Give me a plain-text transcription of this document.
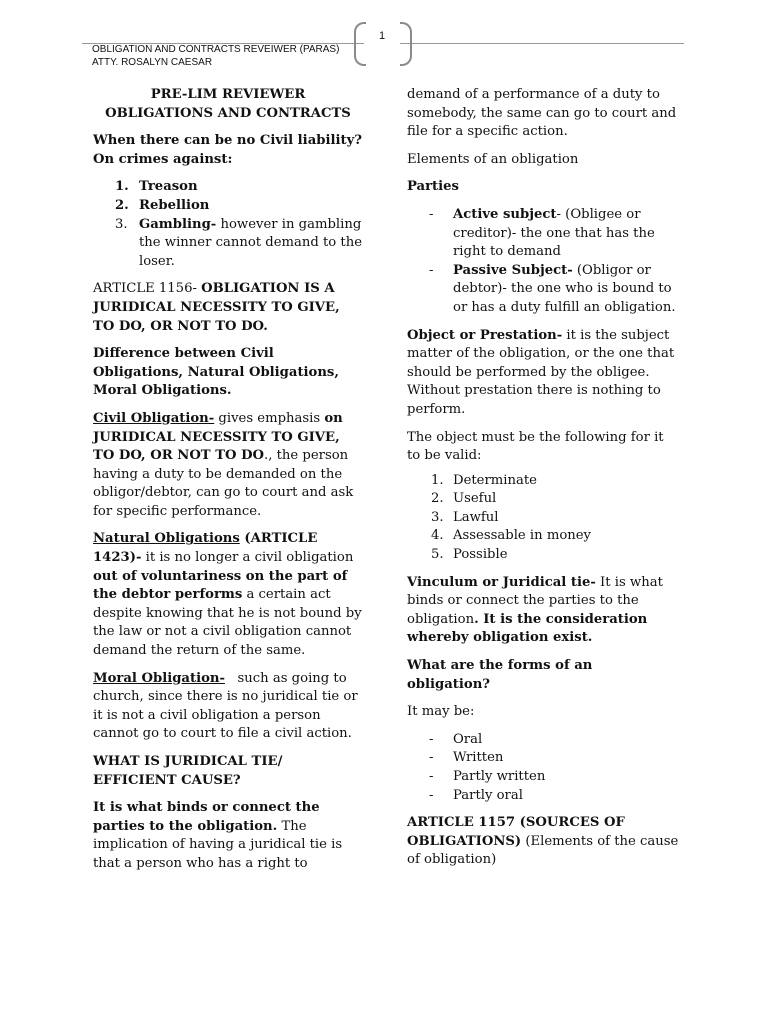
OBLIGATION AND CONTRACTS REVEIWER (PARAS)
ATTY. ROSALYN CAESAR
1
PRE-LIM REVIEWER
OBLIGATIONS AND CONTRACTS

When there can be no Civil liability? On crimes against:

1. Treason
2. Rebellion
3. Gambling- however in gambling the winner cannot demand to the loser.

ARTICLE 1156- OBLIGATION IS A JURIDICAL NECESSITY TO GIVE, TO DO, OR NOT TO DO.

Difference between Civil Obligations, Natural Obligations, Moral Obligations.

Civil Obligation- gives emphasis on JURIDICAL NECESSITY TO GIVE, TO DO, OR NOT TO DO., the person having a duty to be demanded on the obligor/debtor, can go to court and ask for specific performance.

Natural Obligations (ARTICLE 1423)- it is no longer a civil obligation out of voluntariness on the part of the debtor performs a certain act despite knowing that he is not bound by the law or not a civil obligation cannot demand the return of the same.

Moral Obligation-   such as going to church, since there is no juridical tie or it is not a civil obligation a person cannot go to court to file a civil action.

WHAT IS JURIDICAL TIE/ EFFICIENT CAUSE?

It is what binds or connect the parties to the obligation. The implication of having a juridical tie is that a person who has a right to

demand of a performance of a duty to somebody, the same can go to court and file for a specific action.

Elements of an obligation

Parties

- Active subject- (Obligee or creditor)- the one that has the right to demand
- Passive Subject- (Obligor or debtor)- the one who is bound to or has a duty fulfill an obligation.

Object or Prestation- it is the subject matter of the obligation, or the one that should be performed by the obligee. Without prestation there is nothing to perform.

The object must be the following for it to be valid:

1. Determinate
2. Useful
3. Lawful
4. Assessable in money
5. Possible

Vinculum or Juridical tie- It is what binds or connect the parties to the obligation. It is the consideration whereby obligation exist.

What are the forms of an obligation?

It may be:

- Oral
- Written
- Partly written
- Partly oral

ARTICLE 1157 (SOURCES OF OBLIGATIONS) (Elements of the cause of obligation)
